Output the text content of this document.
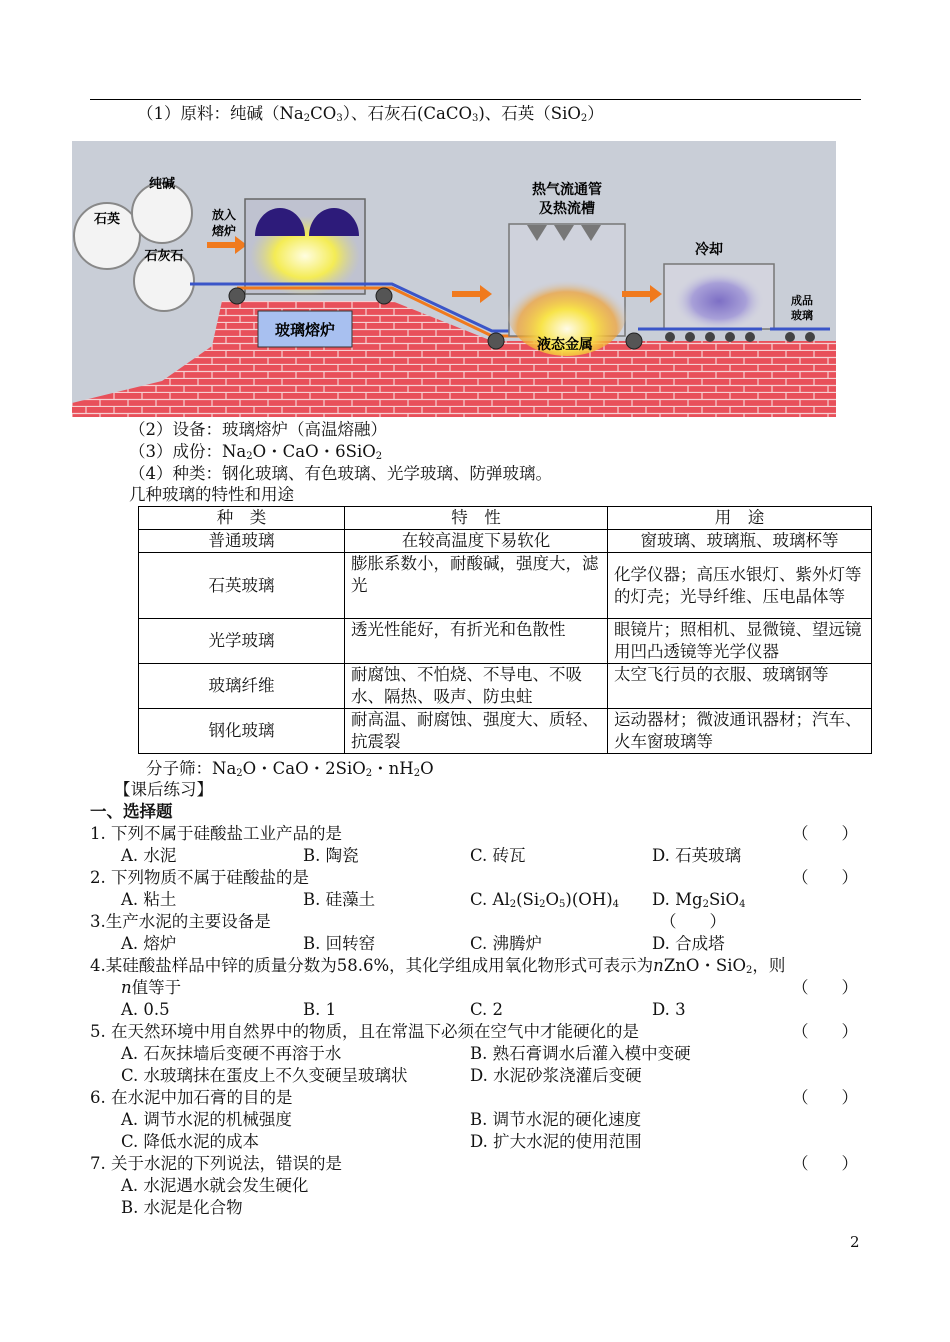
（1）原料：纯碱$(Na_2CO_3)$、石灰石(CaCO$_3$)、石英（SiO$_2$）
石英
纯碱
石灰石
放入
熔炉
玻璃熔炉
热气流通管
及热流槽
液态金属
冷却
成品
玻璃
（2）设备：玻璃熔炉（高温熔融）
（3）成份：$Na_2O$・CaO・6SiO$_2$
（4）种类：钢化玻璃、有色玻璃、光学玻璃、防弹玻璃。
几种玻璃的特性和用途
种　类	特　性	用　途
普通玻璃	在较高温度下易软化	窗玻璃、玻璃瓶、玻璃杯等
石英玻璃	膨胀系数小，耐酸碱，强度大，滤光	化学仪器；高压水银灯、紫外灯等的灯壳；光导纤维、压电晶体等
光学玻璃	透光性能好，有折光和色散性	眼镜片；照相机、显微镜、望远镜用凹凸透镜等光学仪器
玻璃纤维	耐腐蚀、不怕烧、不导电、不吸水、隔热、吸声、防虫蛀	太空飞行员的衣服、玻璃钢等
钢化玻璃	耐高温、耐腐蚀、强度大、质轻、抗震裂	运动器材；微波通讯器材；汽车、火车窗玻璃等
分子筛：$Na_2O$・CaO・2SiO$_2$・$nH_2O$
【课后练习】
一、选择题
1. 下列不属于硅酸盐工业产品的是	（　　）
A. 水泥	B. 陶瓷	C. 砖瓦	D. 石英玻璃
2. 下列物质不属于硅酸盐的是	（　　）
A. 粘土	B. 硅藻土	C. $Al_2(Si_2O_5)(OH)_4$ D. $Mg_2SiO_4$
3.生产水泥的主要设备是	（　　）
A. 熔炉	B. 回转窑	C. 沸腾炉	D. 合成塔
4.某硅酸盐样品中锌的质量分数为58.6%，其化学组成用氧化物形式可表示为nZnO・SiO$_2$，则
n值等于	（　　）
A. 0.5	B. 1	C. 2	D. 3
5. 在天然环境中用自然界中的物质，且在常温下必须在空气中才能硬化的是	（　　）
A. 石灰抹墙后变硬不再溶于水	B. 熟石膏调水后灌入模中变硬
C. 水玻璃抹在蛋皮上不久变硬呈玻璃状	D. 水泥砂浆浇灌后变硬
6. 在水泥中加石膏的目的是	（　　）
A. 调节水泥的机械强度	B. 调节水泥的硬化速度
C. 降低水泥的成本	D. 扩大水泥的使用范围
7. 关于水泥的下列说法，错误的是	（　　）
A. 水泥遇水就会发生硬化
B. 水泥是化合物
2
